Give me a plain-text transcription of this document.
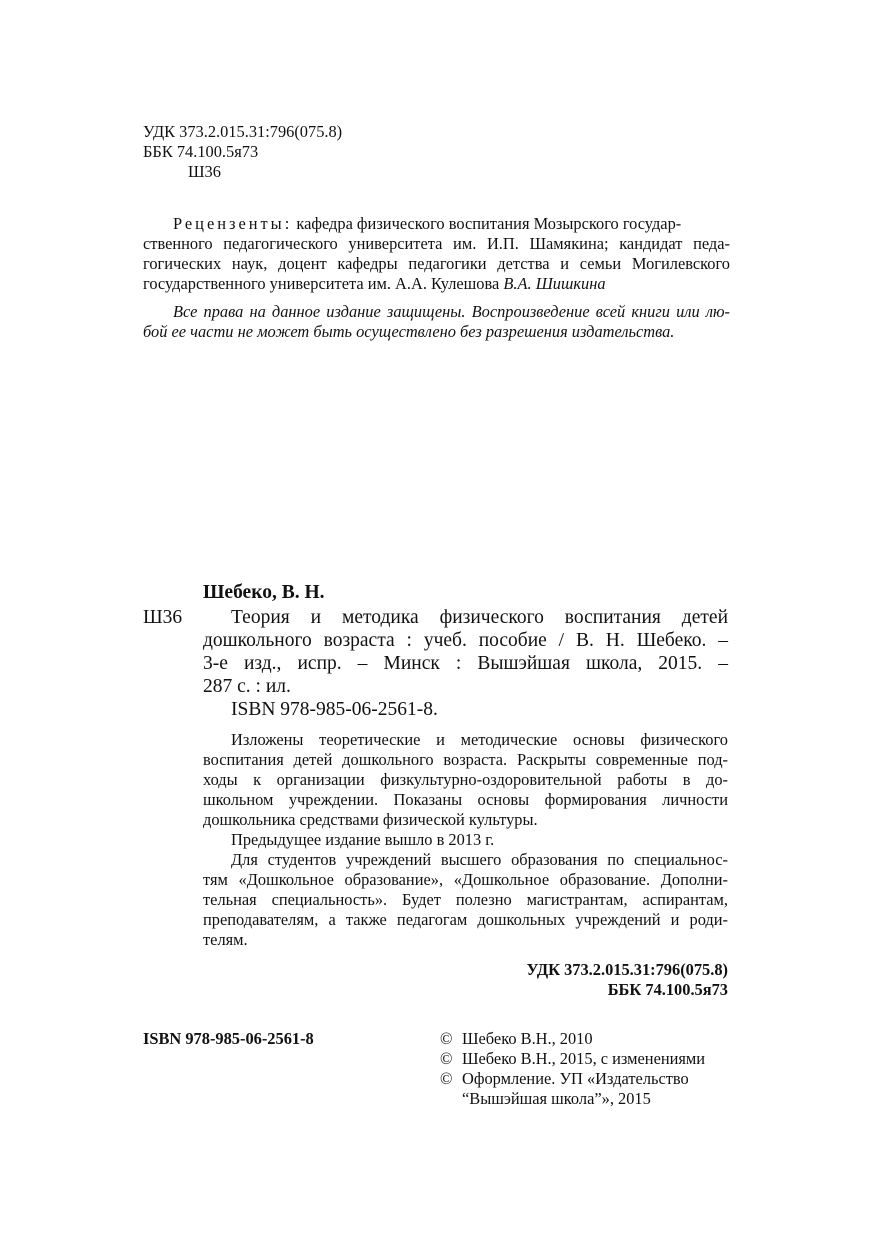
УДК 373.2.015.31:796(075.8)
ББК 74.100.5я73
Ш36
Рецензенты: кафедра физического воспитания Мозырского государ-
ственного педагогического университета им. И.П. Шамякина; кандидат педа-
гогических наук, доцент кафедры педагогики детства и семьи Могилевского
государственного университета им. А.А. Кулешова В.А. Шишкина
Все права на данное издание защищены. Воспроизведение всей книги или лю-
бой ее части не может быть осуществлено без разрешения издательства.
Шебеко, В. Н.
Ш36	Теория и методика физического воспитания детей
дошкольного возраста : учеб. пособие / В. Н. Шебеко. –
3-е изд., испр. – Минск : Вышэйшая школа, 2015. –
287 с. : ил.
ISBN 978-985-06-2561-8.
Изложены теоретические и методические основы физического
воспитания детей дошкольного возраста. Раскрыты современные под-
ходы к организации физкультурно-оздоровительной работы в до-
школьном учреждении. Показаны основы формирования личности
дошкольника средствами физической культуры.
Предыдущее издание вышло в 2013 г.
Для студентов учреждений высшего образования по специальнос-
тям «Дошкольное образование», «Дошкольное образование. Дополни-
тельная специальность». Будет полезно магистрантам, аспирантам,
преподавателям, а также педагогам дошкольных учреждений и роди-
телям.
УДК 373.2.015.31:796(075.8)
ББК 74.100.5я73
ISBN 978-985-06-2561-8	© Шебеко В.Н., 2010
© Шебеко В.Н., 2015, с изменениями
© Оформление. УП «Издательство
“Вышэйшая школа”», 2015
